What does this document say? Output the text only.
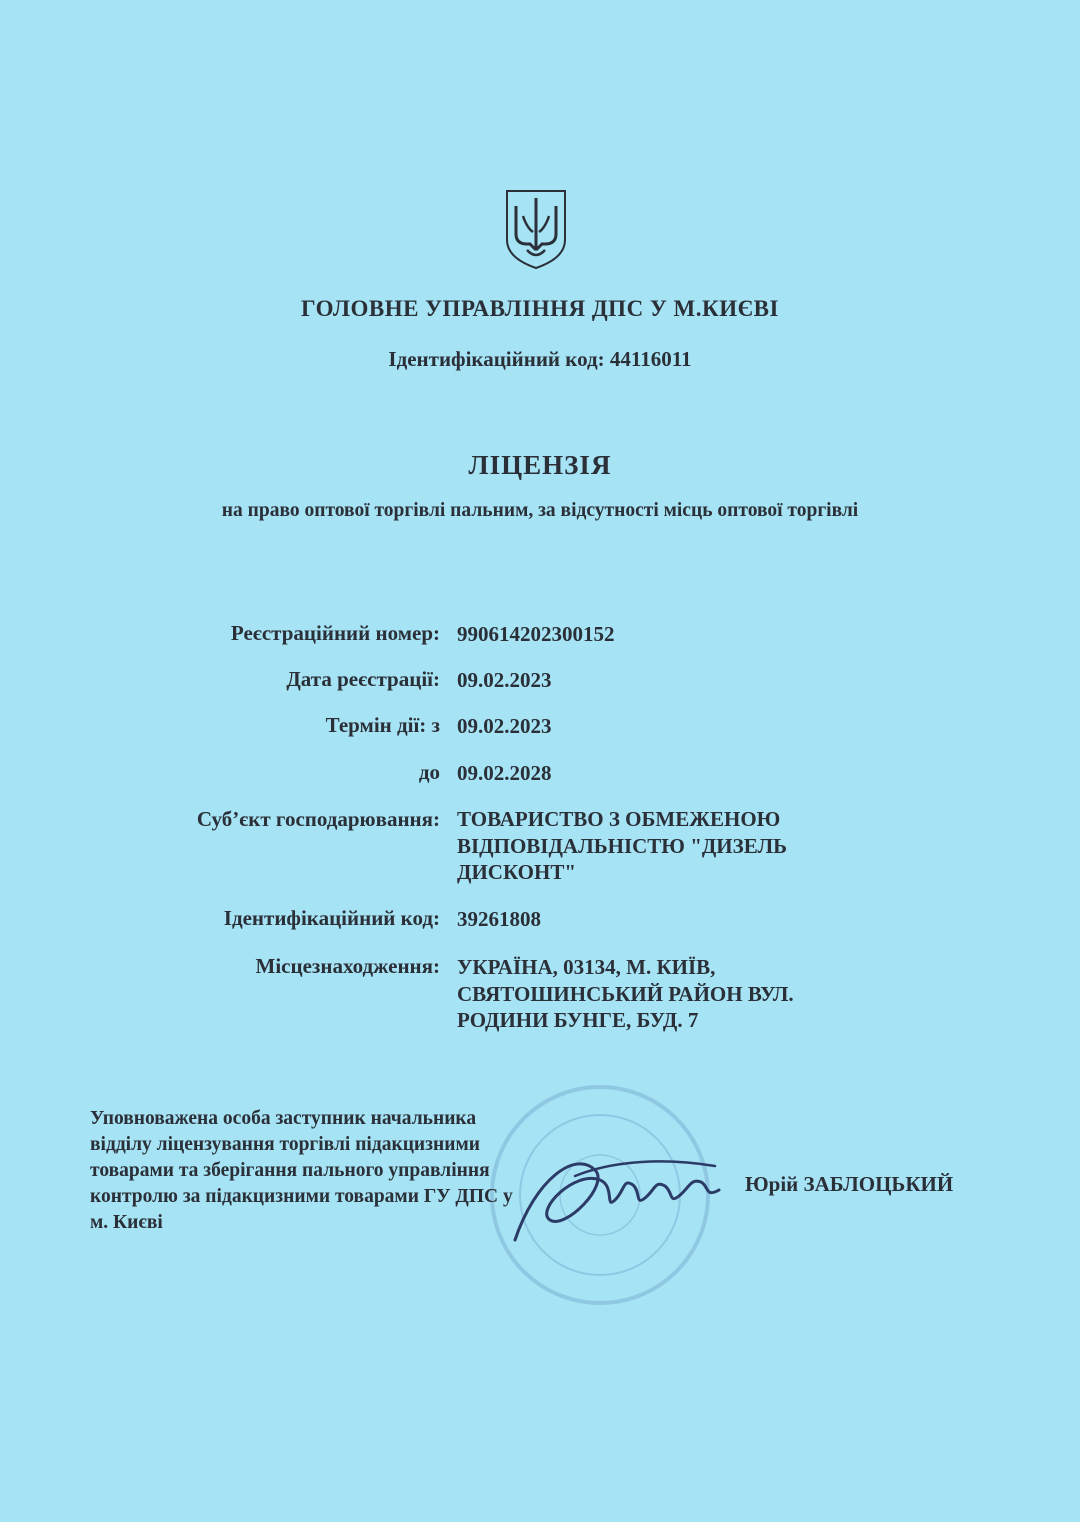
ГОЛОВНЕ УПРАВЛІННЯ ДПС У М.КИЄВІ
Ідентифікаційний код: 44116011
ЛІЦЕНЗІЯ
на право оптової торгівлі пальним, за відсутності місць оптової торгівлі
Реєстраційний номер: 990614202300152
Дата реєстрації: 09.02.2023
Термін дії: з 09.02.2023
до 09.02.2028
Суб’єкт господарювання: ТОВАРИСТВО З ОБМЕЖЕНОЮ ВІДПОВІДАЛЬНІСТЮ "ДИЗЕЛЬ ДИСКОНТ"
Ідентифікаційний код: 39261808
Місцезнаходження: УКРАЇНА, 03134, М. КИЇВ, СВЯТОШИНСЬКИЙ РАЙОН ВУЛ. РОДИНИ БУНГЕ, БУД. 7
Уповноважена особа заступник начальника відділу ліцензування торгівлі підакцизними товарами та зберігання пального управління контролю за підакцизними товарами ГУ ДПС у м. Києві
Юрій ЗАБЛОЦЬКИЙ
